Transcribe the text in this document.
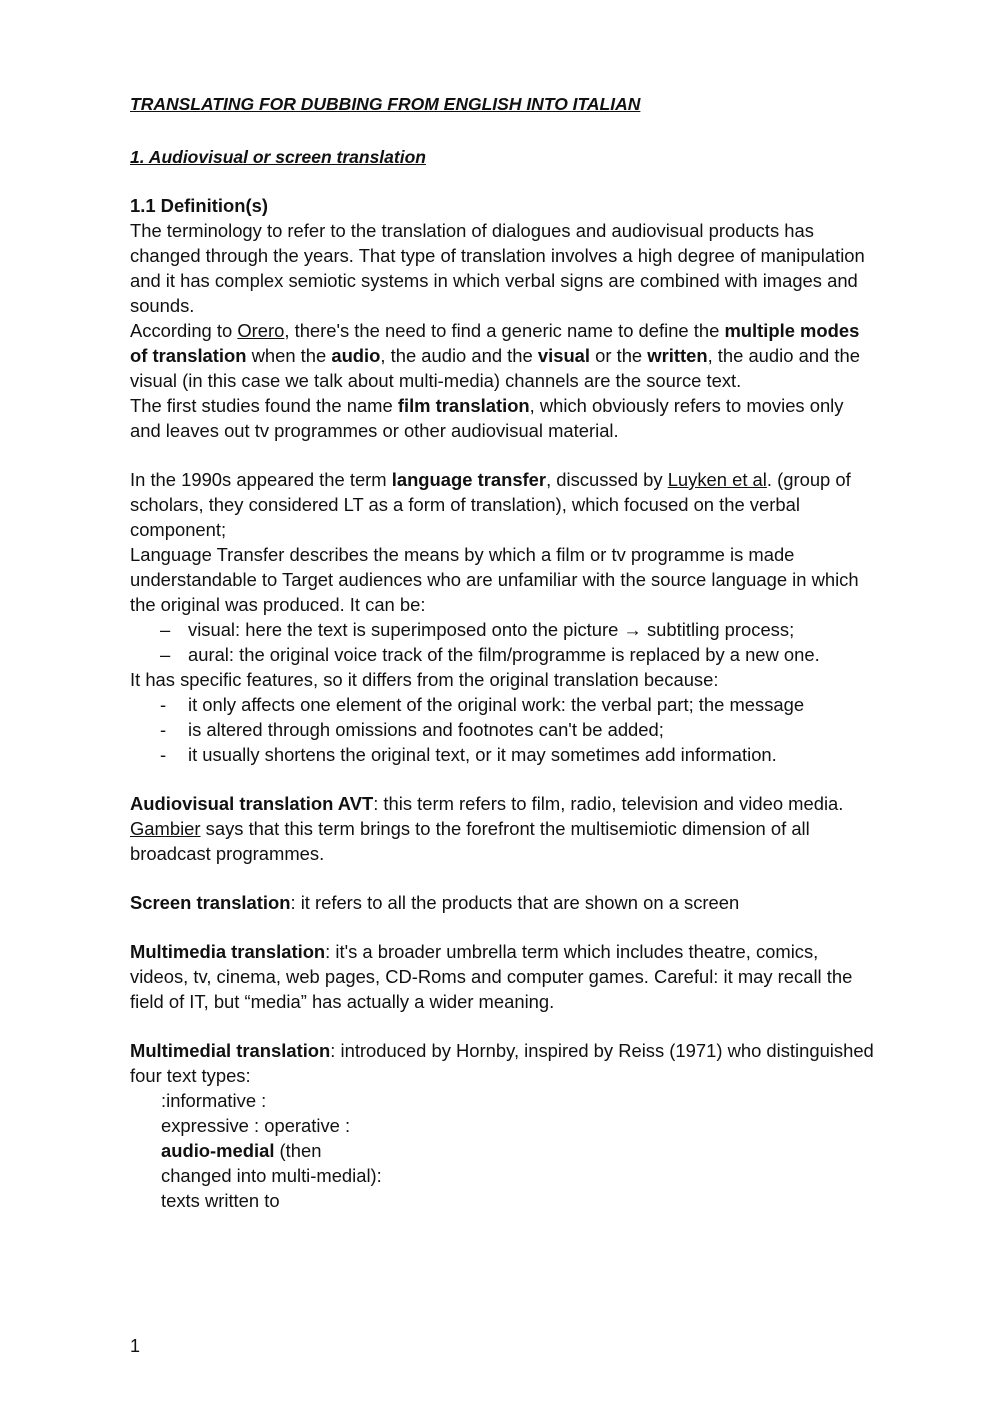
TRANSLATING FOR DUBBING FROM ENGLISH INTO ITALIAN
1. Audiovisual or screen translation
1.1 Definition(s)

The terminology to refer to the translation of dialogues and audiovisual products has changed through the years. That type of translation involves a high degree of manipulation and it has complex semiotic systems in which verbal signs are combined with images and sounds.

According to Orero, there's the need to find a generic name to define the multiple modes of translation when the audio, the audio and the visual or the written, the audio and the visual (in this case we talk about multi-media) channels are the source text.

The first studies found the name film translation, which obviously refers to movies only and leaves out tv programmes or other audiovisual material.

In the 1990s appeared the term language transfer, discussed by Luyken et al. (group of scholars, they considered LT as a form of translation), which focused on the verbal component;

Language Transfer describes the means by which a film or tv programme is made understandable to Target audiences who are unfamiliar with the source language in which the original was produced. It can be:

– visual: here the text is superimposed onto the picture → subtitling process;
– aural: the original voice track of the film/programme is replaced by a new one.

It has specific features, so it differs from the original translation because:

- it only affects one element of the original work: the verbal part; the message
- is altered through omissions and footnotes can't be added;
- it usually shortens the original text, or it may sometimes add information.

Audiovisual translation AVT: this term refers to film, radio, television and video media. Gambier says that this term brings to the forefront the multisemiotic dimension of all broadcast programmes.

Screen translation: it refers to all the products that are shown on a screen

Multimedia translation: it's a broader umbrella term which includes theatre, comics, videos, tv, cinema, web pages, CD-Roms and computer games. Careful: it may recall the field of IT, but “media” has actually a wider meaning.

Multimedial translation: introduced by Hornby, inspired by Reiss (1971) who distinguished four text types:

:informative :
expressive : operative :
audio-medial (then changed into multi-medial): texts written to
1
